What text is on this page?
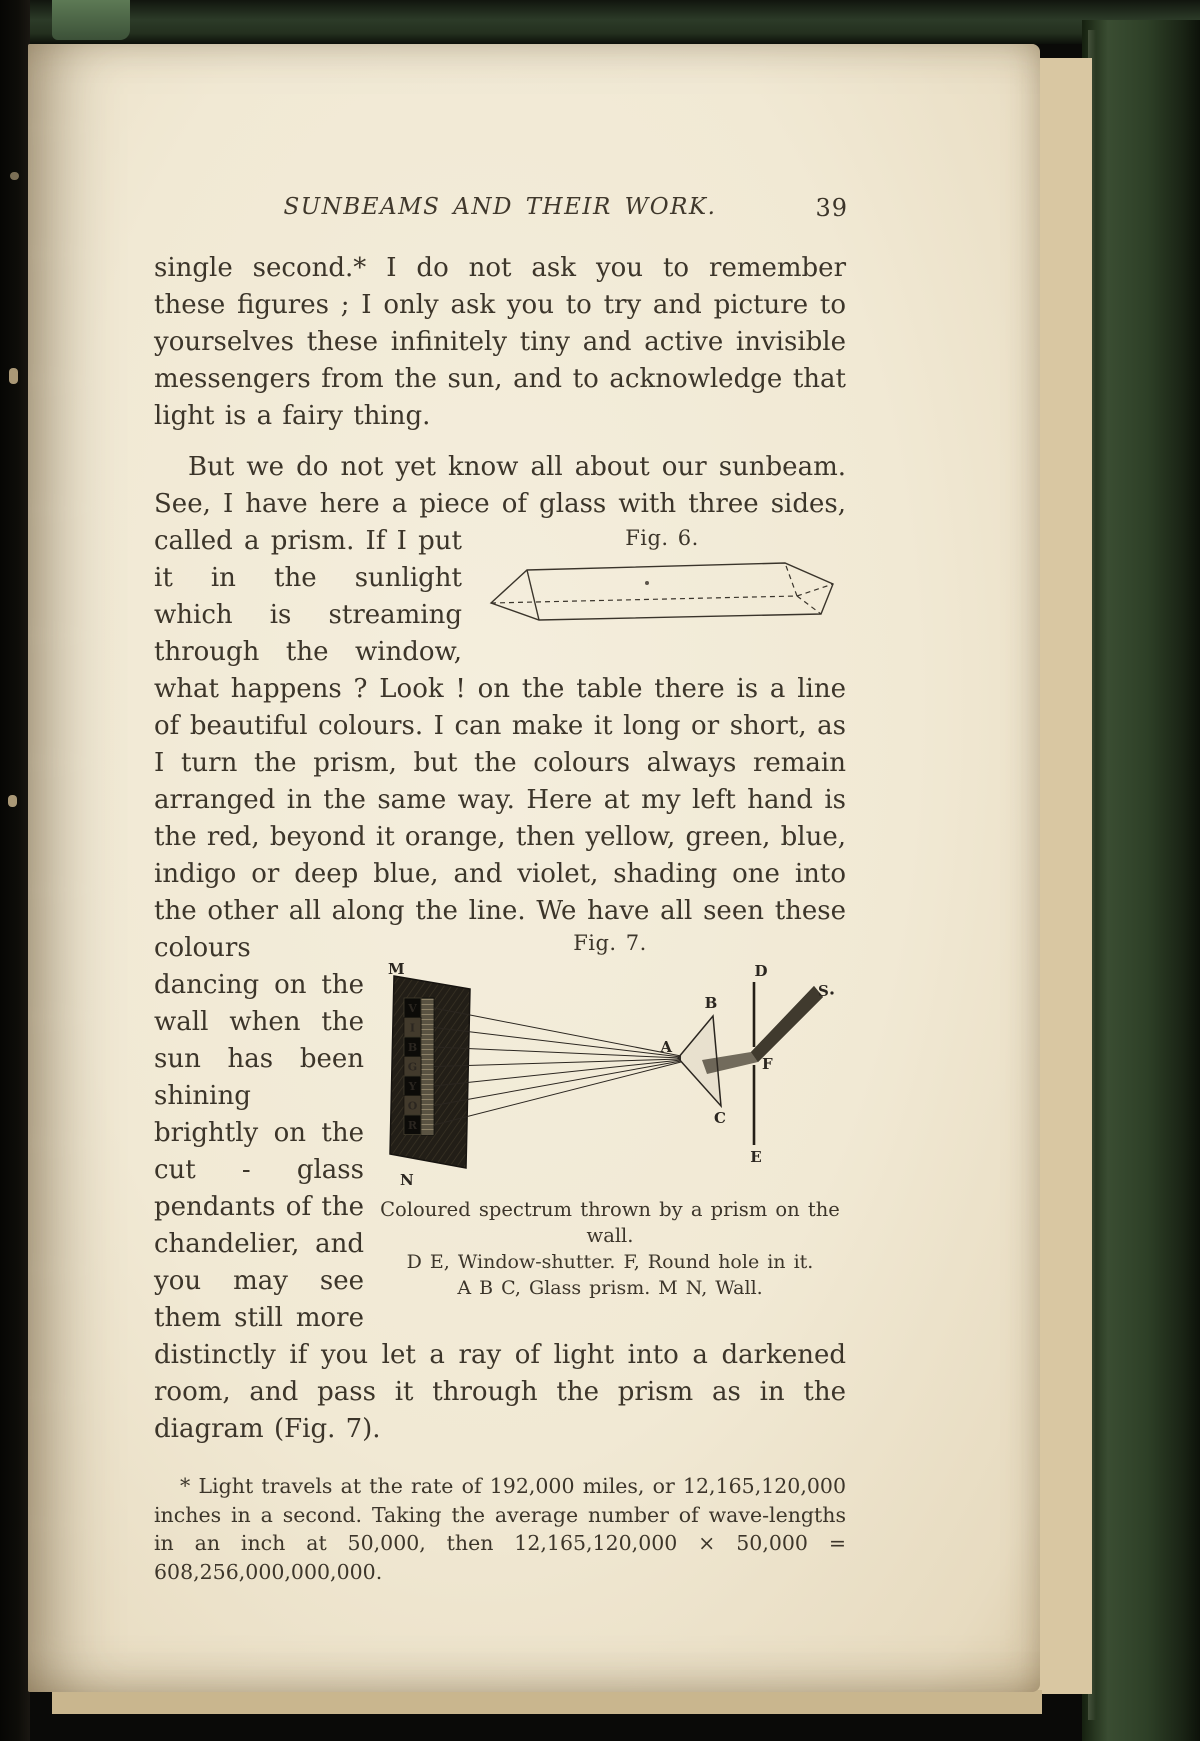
SUNBEAMS AND THEIR WORK.	39

single second.* I do not ask you to remember these figures ; I only ask you to try and picture to yourselves these infinitely tiny and active invisible messengers from the sun, and to acknowledge that light is a fairy thing.

But we do not yet know all about our sunbeam. See, I have here a piece of glass with three sides, called a	Fig. 6.
prism. If I put it in the sunlight which is streaming through the window, what happens ? Look ! on the table there is a line of beautiful colours. I can make it long or short, as I turn the prism, but the colours always remain arranged in the same way. Here at my left hand is the red, beyond it orange, then yellow, green, blue, indigo or deep blue, and violet, shading one into the other all along the line. We have all
Fig. 7.
V
I
B
G
Y
O
R
M
N
A
B
C
D
E
F
S
Coloured spectrum thrown by a prism on the
wall.
D E, Window-shutter. F, Round hole in it.
A B C, Glass prism. M N, Wall.
seen these colours dancing on the wall when the sun has been shining brightly on the cut - glass pendants of the chandelier, and you may see them still more distinctly if you let a ray of light into a darkened room, and pass it through the prism as in the diagram (Fig. 7).

* Light travels at the rate of 192,000 miles, or 12,165,120,000 inches in a second. Taking the average number of wave-lengths in an inch at 50,000, then 12,165,120,000 × 50,000 = 608,256,000,000,000.
